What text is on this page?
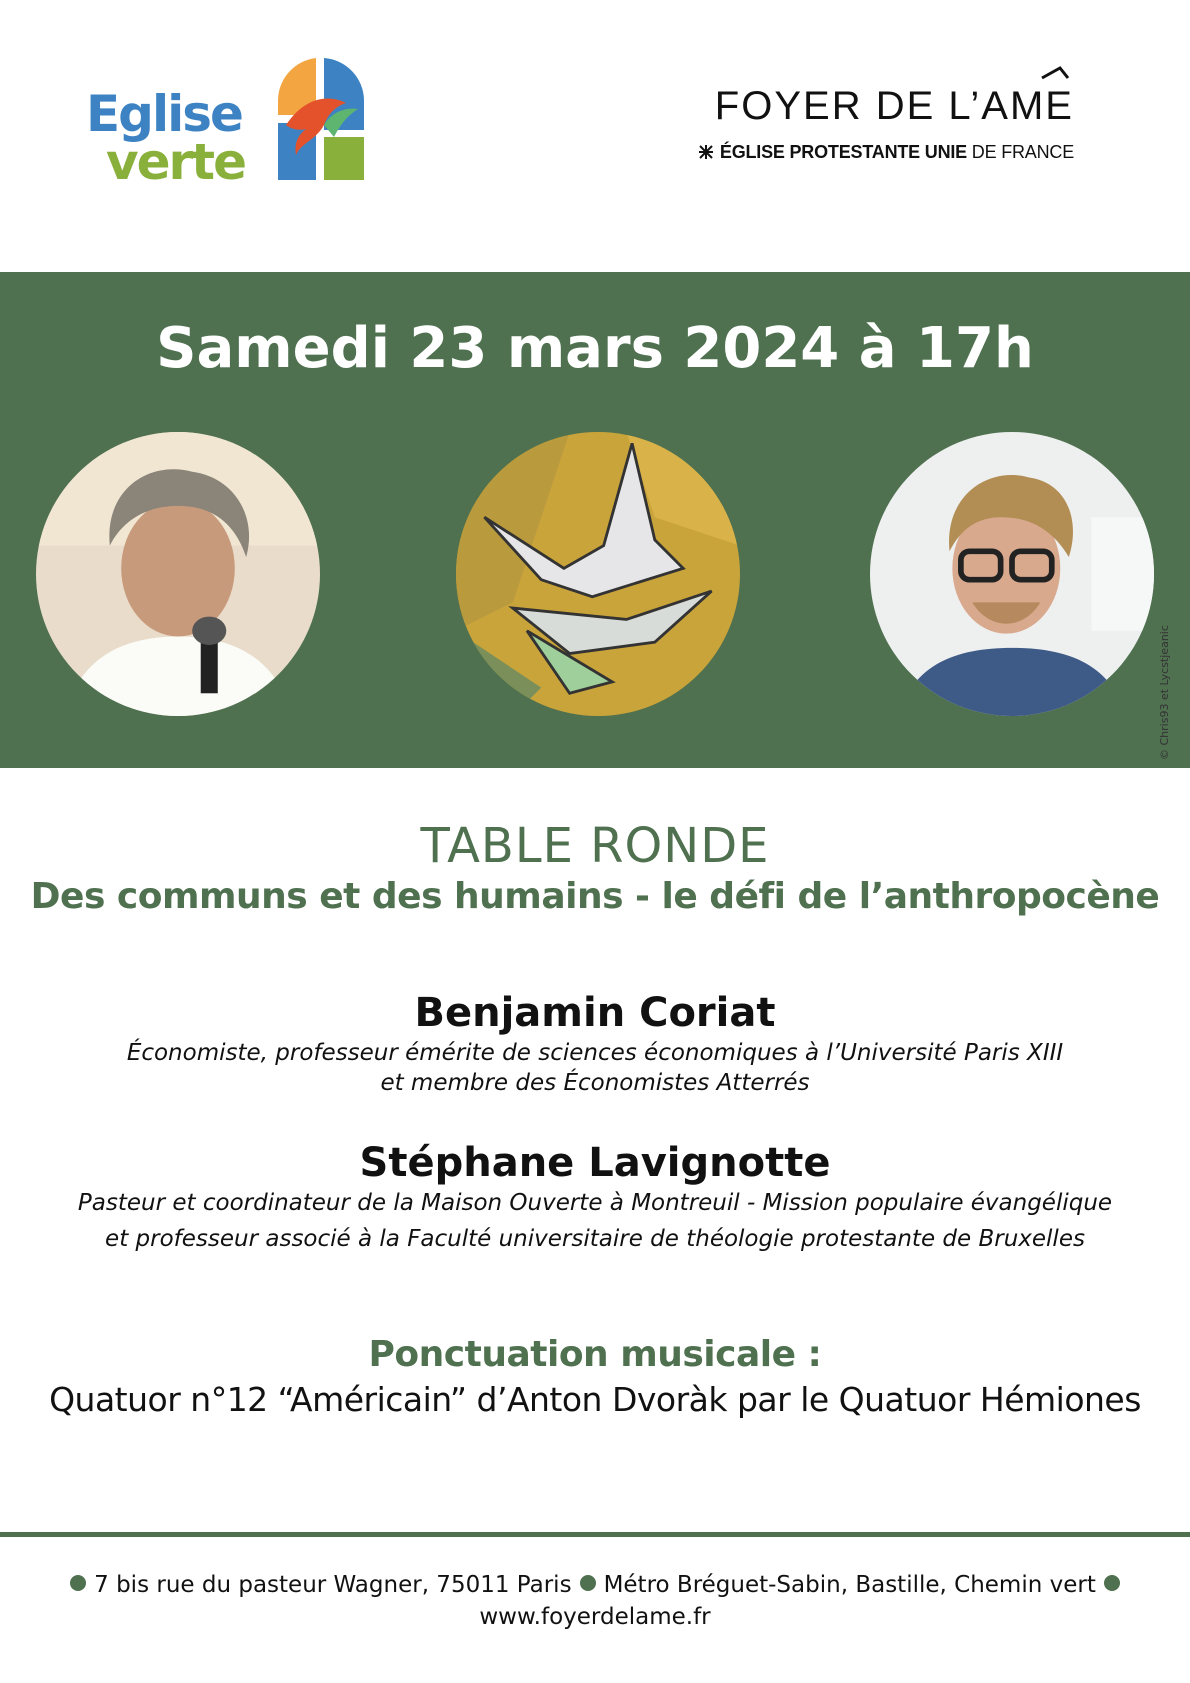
Eglise
verte
FOYER DE L’AME
ÉGLISE PROTESTANTE UNIE DE FRANCE
Samedi 23 mars 2024 à 17h
© Chris93 et Lycstjeanic
TABLE RONDE
Des communs et des humains - le défi de l’anthropocène
Benjamin Coriat
Économiste, professeur émérite de sciences économiques à l’Université Paris XIII
et membre des Économistes Atterrés
Stéphane Lavignotte
Pasteur et coordinateur de la Maison Ouverte à Montreuil - Mission populaire évangélique
et professeur associé à la Faculté universitaire de théologie protestante de Bruxelles
Ponctuation musicale :
Quatuor n°12 “Américain” d’Anton Dvoràk par le Quatuor Hémiones
7 bis rue du pasteur Wagner, 75011 Paris Métro Bréguet-Sabin, Bastille, Chemin vert
www.foyerdelame.fr
